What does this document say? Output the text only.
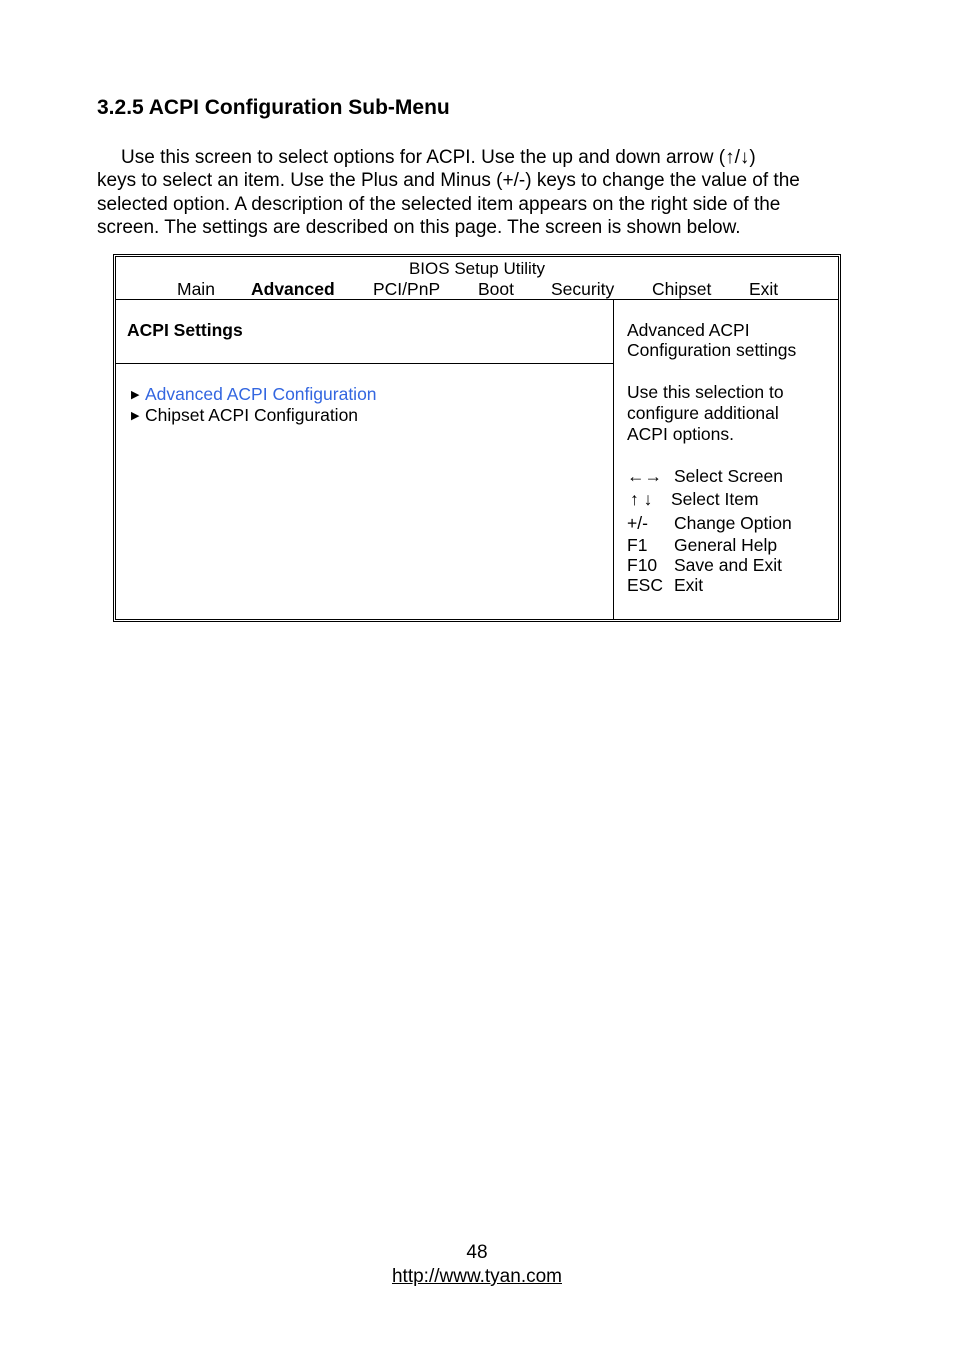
3.2.5 ACPI Configuration Sub-Menu

Use this screen to select options for ACPI. Use the up and down arrow (↑/↓)
keys to select an item. Use the Plus and Minus (+/-) keys to change the value of the
selected option. A description of the selected item appears on the right side of the
screen. The settings are described on this page. The screen is shown below.

BIOS Setup Utility
Main Advanced PCI/PnP Boot Security Chipset Exit
ACPI Settings
▶ Advanced ACPI Configuration
▶ Chipset ACPI Configuration
Advanced ACPI
Configuration settings
Use this selection to
configure additional
ACPI options.
←→ Select Screen
↑ ↓ Select Item
+/- Change Option
F1 General Help
F10 Save and Exit
ESC Exit
48
http://www.tyan.com
